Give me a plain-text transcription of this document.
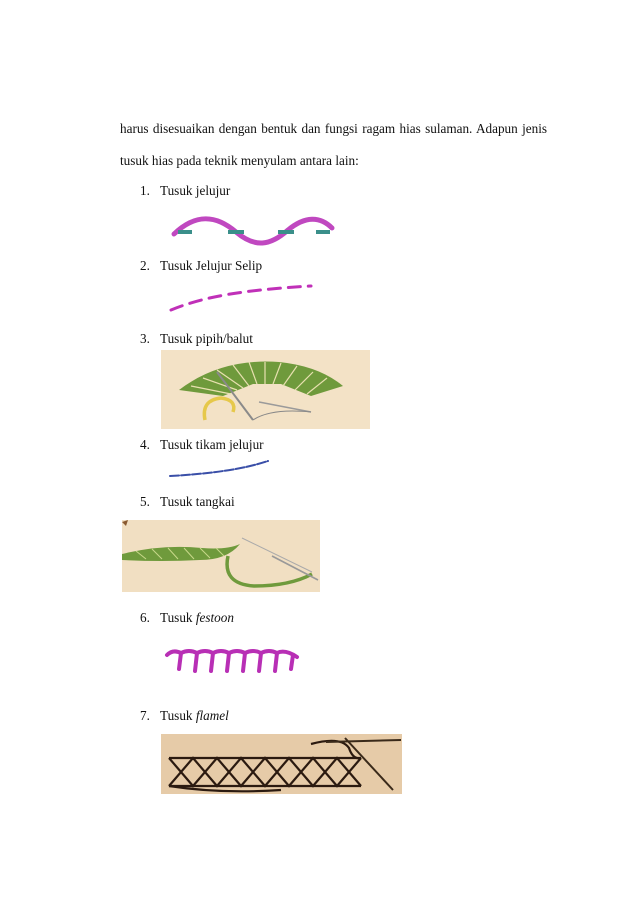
harus disesuaikan dengan bentuk dan fungsi ragam hias sulaman. Adapun jenis

tusuk hias pada teknik menyulam antara lain:

1. Tusuk jelujur
2. Tusuk Jelujur Selip
3. Tusuk pipih/balut
4. Tusuk tikam jelujur
5. Tusuk tangkai
6. Tusuk festoon
7. Tusuk flamel
